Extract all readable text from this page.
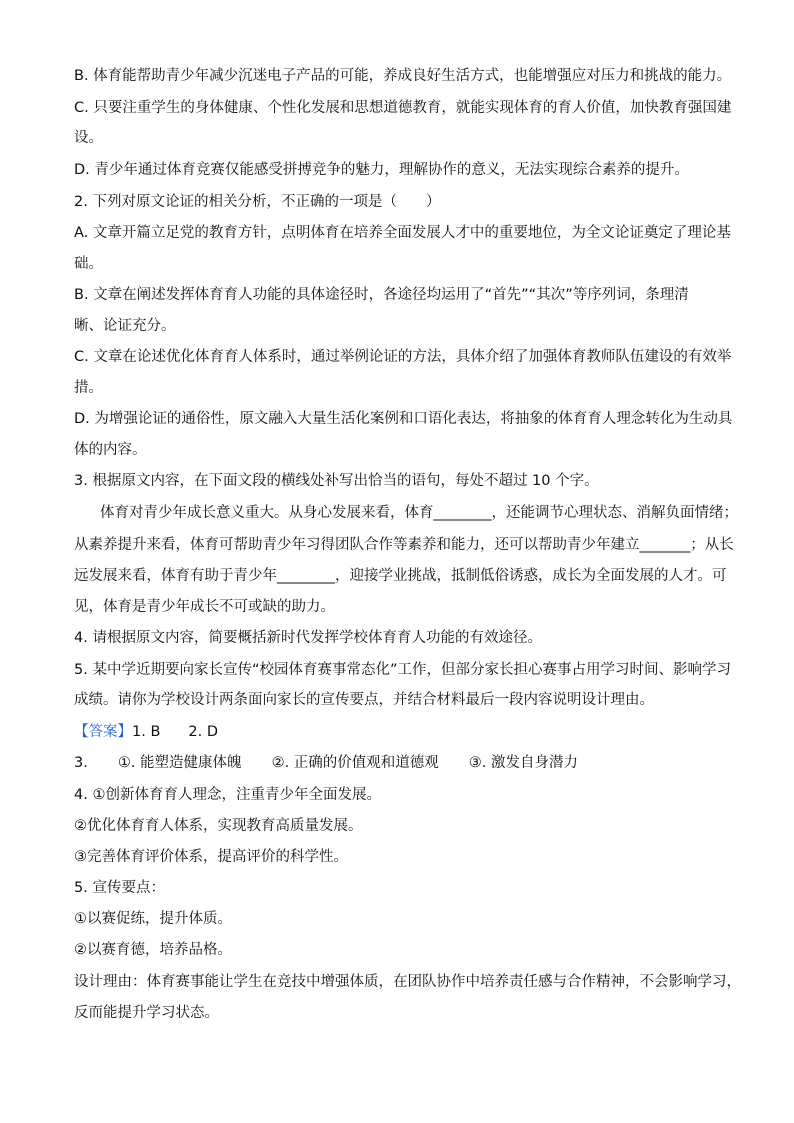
B. 体育能帮助青少年减少沉迷电子产品的可能，养成良好生活方式，也能增强应对压力和挑战的能力。
C. 只要注重学生的身体健康、个性化发展和思想道德教育，就能实现体育的育人价值，加快教育强国建
设。
D. 青少年通过体育竞赛仅能感受拼搏竞争的魅力，理解协作的意义，无法实现综合素养的提升。
2. 下列对原文论证的相关分析，不正确的一项是（　　）
A. 文章开篇立足党的教育方针，点明体育在培养全面发展人才中的重要地位，为全文论证奠定了理论基
础。
B. 文章在阐述发挥体育育人功能的具体途径时，各途径均运用了“首先”“其次”等序列词，条理清
晰、论证充分。
C. 文章在论述优化体育育人体系时，通过举例论证的方法，具体介绍了加强体育教师队伍建设的有效举
措。
D. 为增强论证的通俗性，原文融入大量生活化案例和口语化表达，将抽象的体育育人理念转化为生动具
体的内容。
3. 根据原文内容，在下面文段的横线处补写出恰当的语句，每处不超过 10 个字。
体育对青少年成长意义重大。从身心发展来看，体育________，还能调节心理状态、消解负面情绪；
从素养提升来看，体育可帮助青少年习得团队合作等素养和能力，还可以帮助青少年建立_______；从长
远发展来看，体育有助于青少年________，迎接学业挑战，抵制低俗诱惑，成长为全面发展的人才。可
见，体育是青少年成长不可或缺的助力。
4. 请根据原文内容，简要概括新时代发挥学校体育育人功能的有效途径。
5. 某中学近期要向家长宣传“校园体育赛事常态化”工作，但部分家长担心赛事占用学习时间、影响学习
成绩。请你为学校设计两条面向家长的宣传要点，并结合材料最后一段内容说明设计理由。
【答案】1. B 2. D
3. ①. 能塑造健康体魄 ②. 正确的价值观和道德观 ③. 激发自身潜力
4. ①创新体育育人理念，注重青少年全面发展。
②优化体育育人体系，实现教育高质量发展。
③完善体育评价体系，提高评价的科学性。
5. 宣传要点：
①以赛促练，提升体质。
②以赛育德，培养品格。
设计理由：体育赛事能让学生在竞技中增强体质，在团队协作中培养责任感与合作精神，不会影响学习，
反而能提升学习状态。
